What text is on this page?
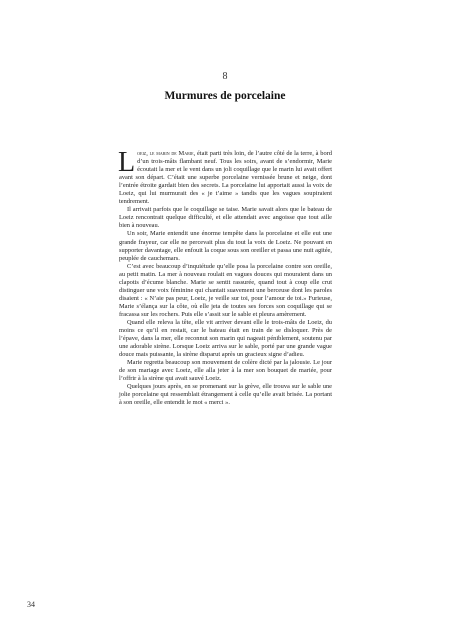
8
Murmures de porcelaine

Loeiz, le marin de Marie, était parti très loin, de l’autre côté de la terre, à bord d’un trois-mâts flambant neuf. Tous les soirs, avant de s’endormir, Marie écoutait la mer et le vent dans un joli coquillage que le marin lui avait offert avant son départ. C’était une superbe porcelaine vernissée brune et neige, dont l’entrée étroite gardait bien des secrets. La porcelaine lui apportait aussi la voix de Loeiz, qui lui murmurait des « je t’aime » tandis que les vagues soupiraient tendrement.

Il arrivait parfois que le coquillage se taise. Marie savait alors que le bateau de Loeiz rencontrait quelque difficulté, et elle attendait avec angoisse que tout aille bien à nouveau.

Un soir, Marie entendit une énorme tempête dans la porcelaine et elle eut une grande frayeur, car elle ne percevait plus du tout la voix de Loeiz. Ne pouvant en supporter davantage, elle enfouit la coque sous son oreiller et passa une nuit agitée, peuplée de cauchemars.

C’est avec beaucoup d’inquiétude qu’elle posa la porcelaine contre son oreille, au petit matin. La mer à nouveau roulait en vagues douces qui mouraient dans un clapotis d’écume blanche. Marie se sentit rassurée, quand tout à coup elle crut distinguer une voix féminine qui chantait suavement une berceuse dont les paroles disaient : « N’aie pas peur, Loeiz, je veille sur toi, pour l’amour de toi.» Furieuse, Marie s’élança sur la côte, où elle jeta de toutes ses forces son coquillage qui se fracassa sur les rochers. Puis elle s’assit sur le sable et pleura amèrement.

Quand elle releva la tête, elle vit arriver devant elle le trois-mâts de Loeiz, du moins ce qu’il en restait, car le bateau était en train de se disloquer. Près de l’épave, dans la mer, elle reconnut son marin qui nageait péniblement, soutenu par une adorable sirène. Lorsque Loeiz arriva sur le sable, porté par une grande vague douce mais puissante, la sirène disparut après un gracieux signe d’adieu.

Marie regretta beaucoup son mouvement de colère dicté par la jalousie. Le jour de son mariage avec Loeiz, elle alla jeter à la mer son bouquet de mariée, pour l’offrir à la sirène qui avait sauvé Loeiz.

Quelques jours après, en se promenant sur la grève, elle trouva sur le sable une jolie porcelaine qui ressemblait étrangement à celle qu’elle avait brisée. La portant à son oreille, elle entendit le mot « merci ».

34
